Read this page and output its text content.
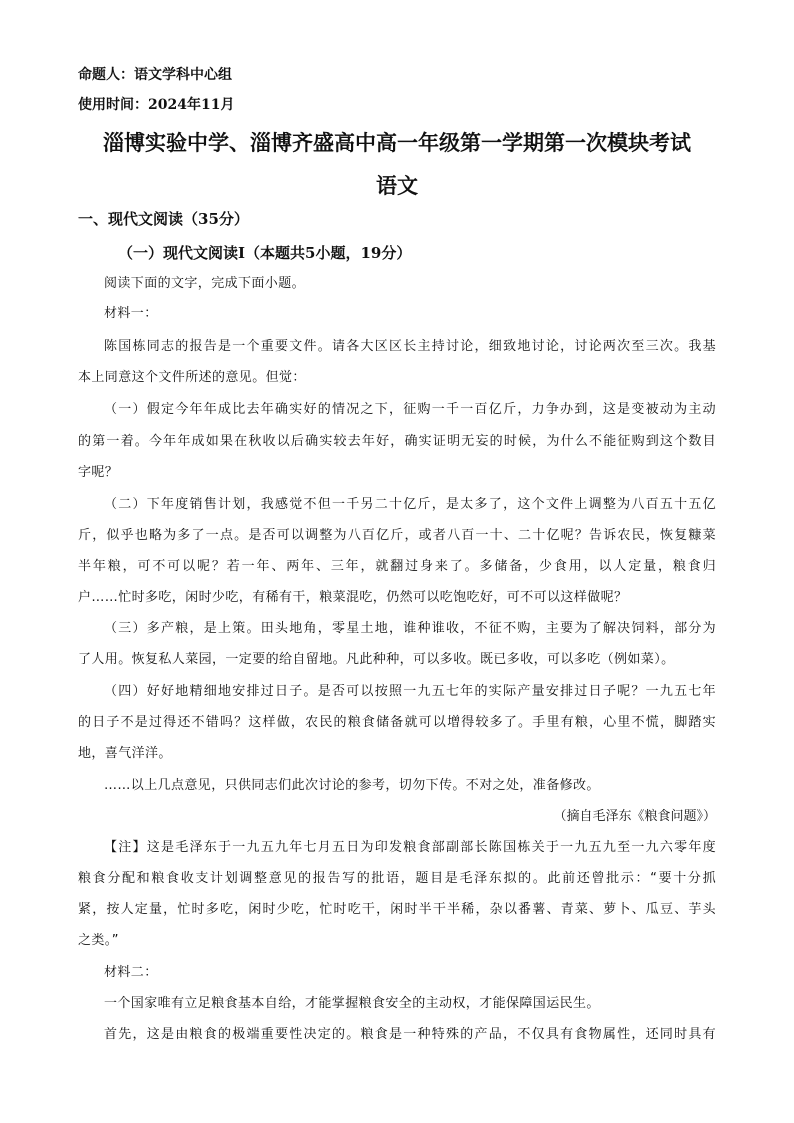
命题人：语文学科中心组
使用时间：2024年11月
淄博实验中学、淄博齐盛高中高一年级第一学期第一次模块考试
语文
一、现代文阅读（35分）
（一）现代文阅读Ⅰ（本题共5小题，19分）
阅读下面的文字，完成下面小题。
材料一：
陈国栋同志的报告是一个重要文件。请各大区区长主持讨论，细致地讨论，讨论两次至三次。我基
本上同意这个文件所述的意见。但觉：
（一）假定今年年成比去年确实好的情况之下，征购一千一百亿斤，力争办到，这是变被动为主动
的第一着。今年年成如果在秋收以后确实较去年好，确实证明无妄的时候，为什么不能征购到这个数目
字呢？
（二）下年度销售计划，我感觉不但一千另二十亿斤，是太多了，这个文件上调整为八百五十五亿
斤，似乎也略为多了一点。是否可以调整为八百亿斤，或者八百一十、二十亿呢？告诉农民，恢复糠菜
半年粮，可不可以呢？若一年、两年、三年，就翻过身来了。多储备，少食用，以人定量，粮食归
户……忙时多吃，闲时少吃，有稀有干，粮菜混吃，仍然可以吃饱吃好，可不可以这样做呢？
（三）多产粮，是上策。田头地角，零星土地，谁种谁收，不征不购，主要为了解决饲料，部分为
了人用。恢复私人菜园，一定要的给自留地。凡此种种，可以多收。既已多收，可以多吃（例如菜）。
（四）好好地精细地安排过日子。是否可以按照一九五七年的实际产量安排过日子呢？一九五七年
的日子不是过得还不错吗？这样做，农民的粮食储备就可以增得较多了。手里有粮，心里不慌，脚踏实
地，喜气洋洋。
……以上几点意见，只供同志们此次讨论的参考，切勿下传。不对之处，准备修改。
（摘自毛泽东《粮食问题》）
【注】这是毛泽东于一九五九年七月五日为印发粮食部副部长陈国栋关于一九五九至一九六零年度
粮食分配和粮食收支计划调整意见的报告写的批语，题目是毛泽东拟的。此前还曾批示：“要十分抓
紧，按人定量，忙时多吃，闲时少吃，忙时吃干，闲时半干半稀，杂以番薯、青菜、萝卜、瓜豆、芋头
之类。”
材料二：
一个国家唯有立足粮食基本自给，才能掌握粮食安全的主动权，才能保障国运民生。
首先，这是由粮食的极端重要性决定的。粮食是一种特殊的产品，不仅具有食物属性，还同时具有
